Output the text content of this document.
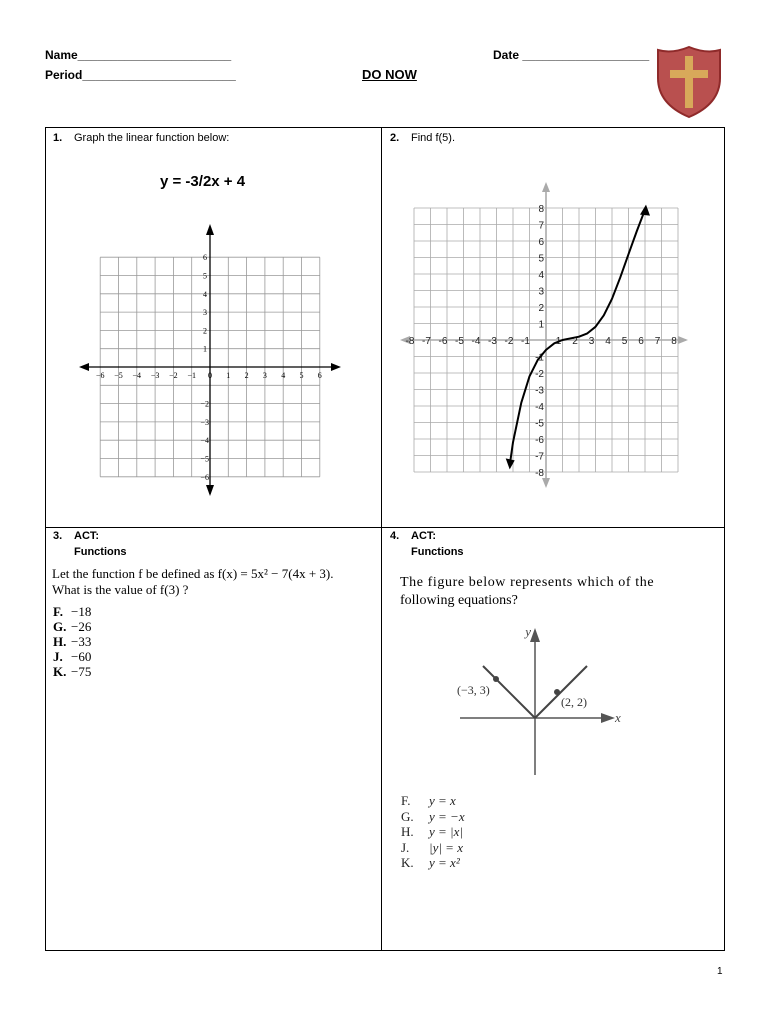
Name_______________________
Period_______________________
Date ___________________
DO NOW
1. Graph the linear function below:
y = -3/2x + 4
−6 −5 −4 −3 −2 −1 0 1 2 3 4 5 6
6
5
4
3
2
1
−2
−3
−4
−5
−6
2. Find f(5).
-8 -7 -6 -5 -4 -3 -2 -1	1 2 3 4 5 6 7 8
8
7
6
5
4
3
2
1
-1
-2
-3
-4
-5
-6
-7
-8
3. ACT:
Functions
Let the function f be defined as f(x) = 5x² − 7(4x + 3).
What is the value of f(3) ?
F. −18
G. −26
H. −33
J. −60
K. −75
4. ACT:
Functions
The figure below represents which of the
following equations?
y
x
(−3, 3)
(2, 2)
F. y = x
G. y = −x
H. y = |x|
J. |y| = x
K. y = x²
1
